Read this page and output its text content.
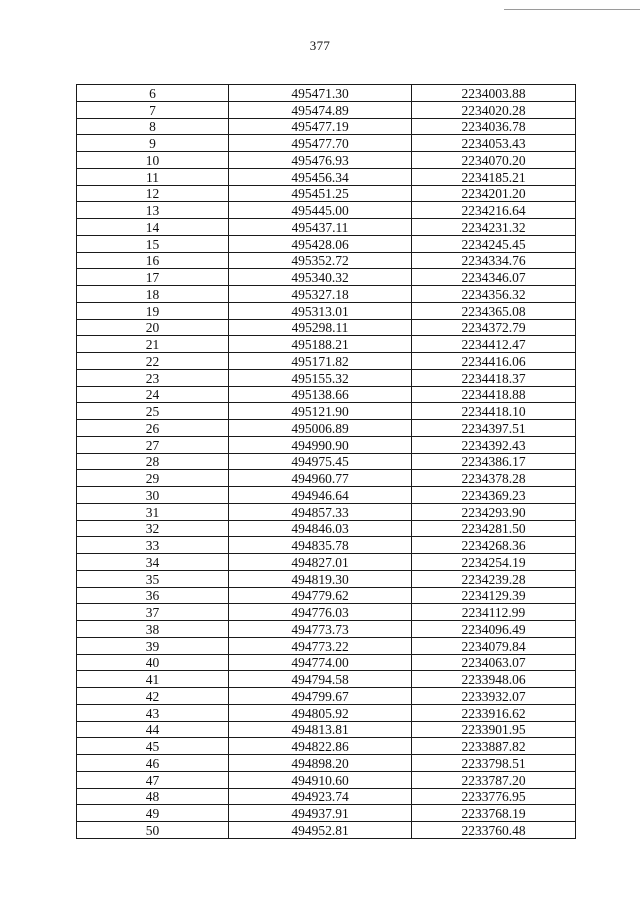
377
6	495471.30	2234003.88
7	495474.89	2234020.28
8	495477.19	2234036.78
9	495477.70	2234053.43
10	495476.93	2234070.20
11	495456.34	2234185.21
12	495451.25	2234201.20
13	495445.00	2234216.64
14	495437.11	2234231.32
15	495428.06	2234245.45
16	495352.72	2234334.76
17	495340.32	2234346.07
18	495327.18	2234356.32
19	495313.01	2234365.08
20	495298.11	2234372.79
21	495188.21	2234412.47
22	495171.82	2234416.06
23	495155.32	2234418.37
24	495138.66	2234418.88
25	495121.90	2234418.10
26	495006.89	2234397.51
27	494990.90	2234392.43
28	494975.45	2234386.17
29	494960.77	2234378.28
30	494946.64	2234369.23
31	494857.33	2234293.90
32	494846.03	2234281.50
33	494835.78	2234268.36
34	494827.01	2234254.19
35	494819.30	2234239.28
36	494779.62	2234129.39
37	494776.03	2234112.99
38	494773.73	2234096.49
39	494773.22	2234079.84
40	494774.00	2234063.07
41	494794.58	2233948.06
42	494799.67	2233932.07
43	494805.92	2233916.62
44	494813.81	2233901.95
45	494822.86	2233887.82
46	494898.20	2233798.51
47	494910.60	2233787.20
48	494923.74	2233776.95
49	494937.91	2233768.19
50	494952.81	2233760.48
